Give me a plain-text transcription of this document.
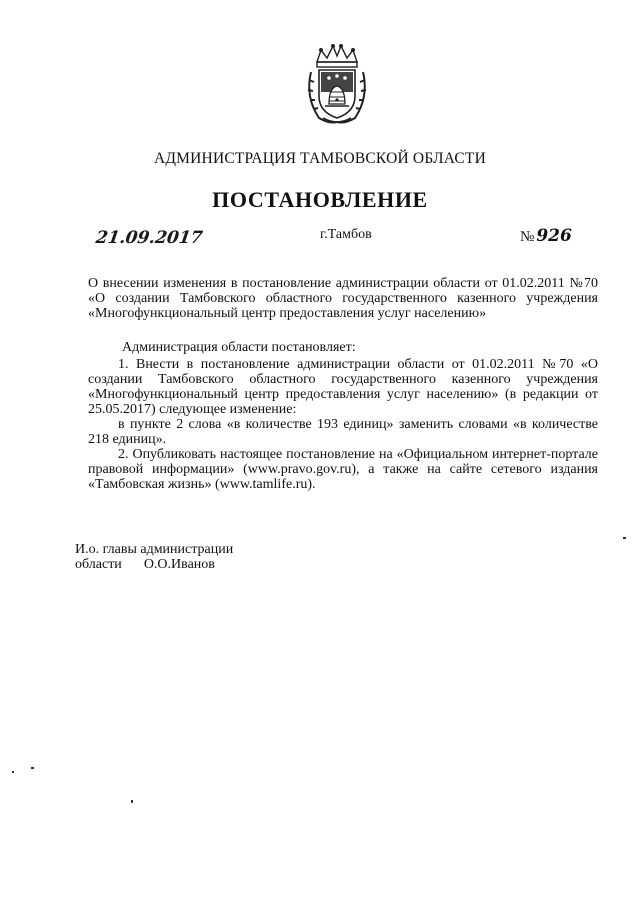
АДМИНИСТРАЦИЯ ТАМБОВСКОЙ ОБЛАСТИ
ПОСТАНОВЛЕНИЕ
21.09.2017	г.Тамбов	№ 926
О внесении изменения в постановление администрации области от 01.02.2011 №70 «О создании Тамбовского областного государственного казенного учреждения «Многофункциональный центр предоставления услуг населению»
Администрация области постановляет:

1. Внести в постановление администрации области от 01.02.2011 №70 «О создании Тамбовского областного государственного казенного учреждения «Многофункциональный центр предоставления услуг населению» (в редакции от 25.05.2017) следующее изменение:

в пункте 2 слова «в количестве 193 единиц» заменить словами «в количестве 218 единиц».

2. Опубликовать настоящее постановление на «Официальном интернет-портале правовой информации» (www.pravo.gov.ru), а также на сайте сетевого издания «Тамбовская жизнь» (www.tamlife.ru).

И.о. главы администрации
области О.О.Иванов
